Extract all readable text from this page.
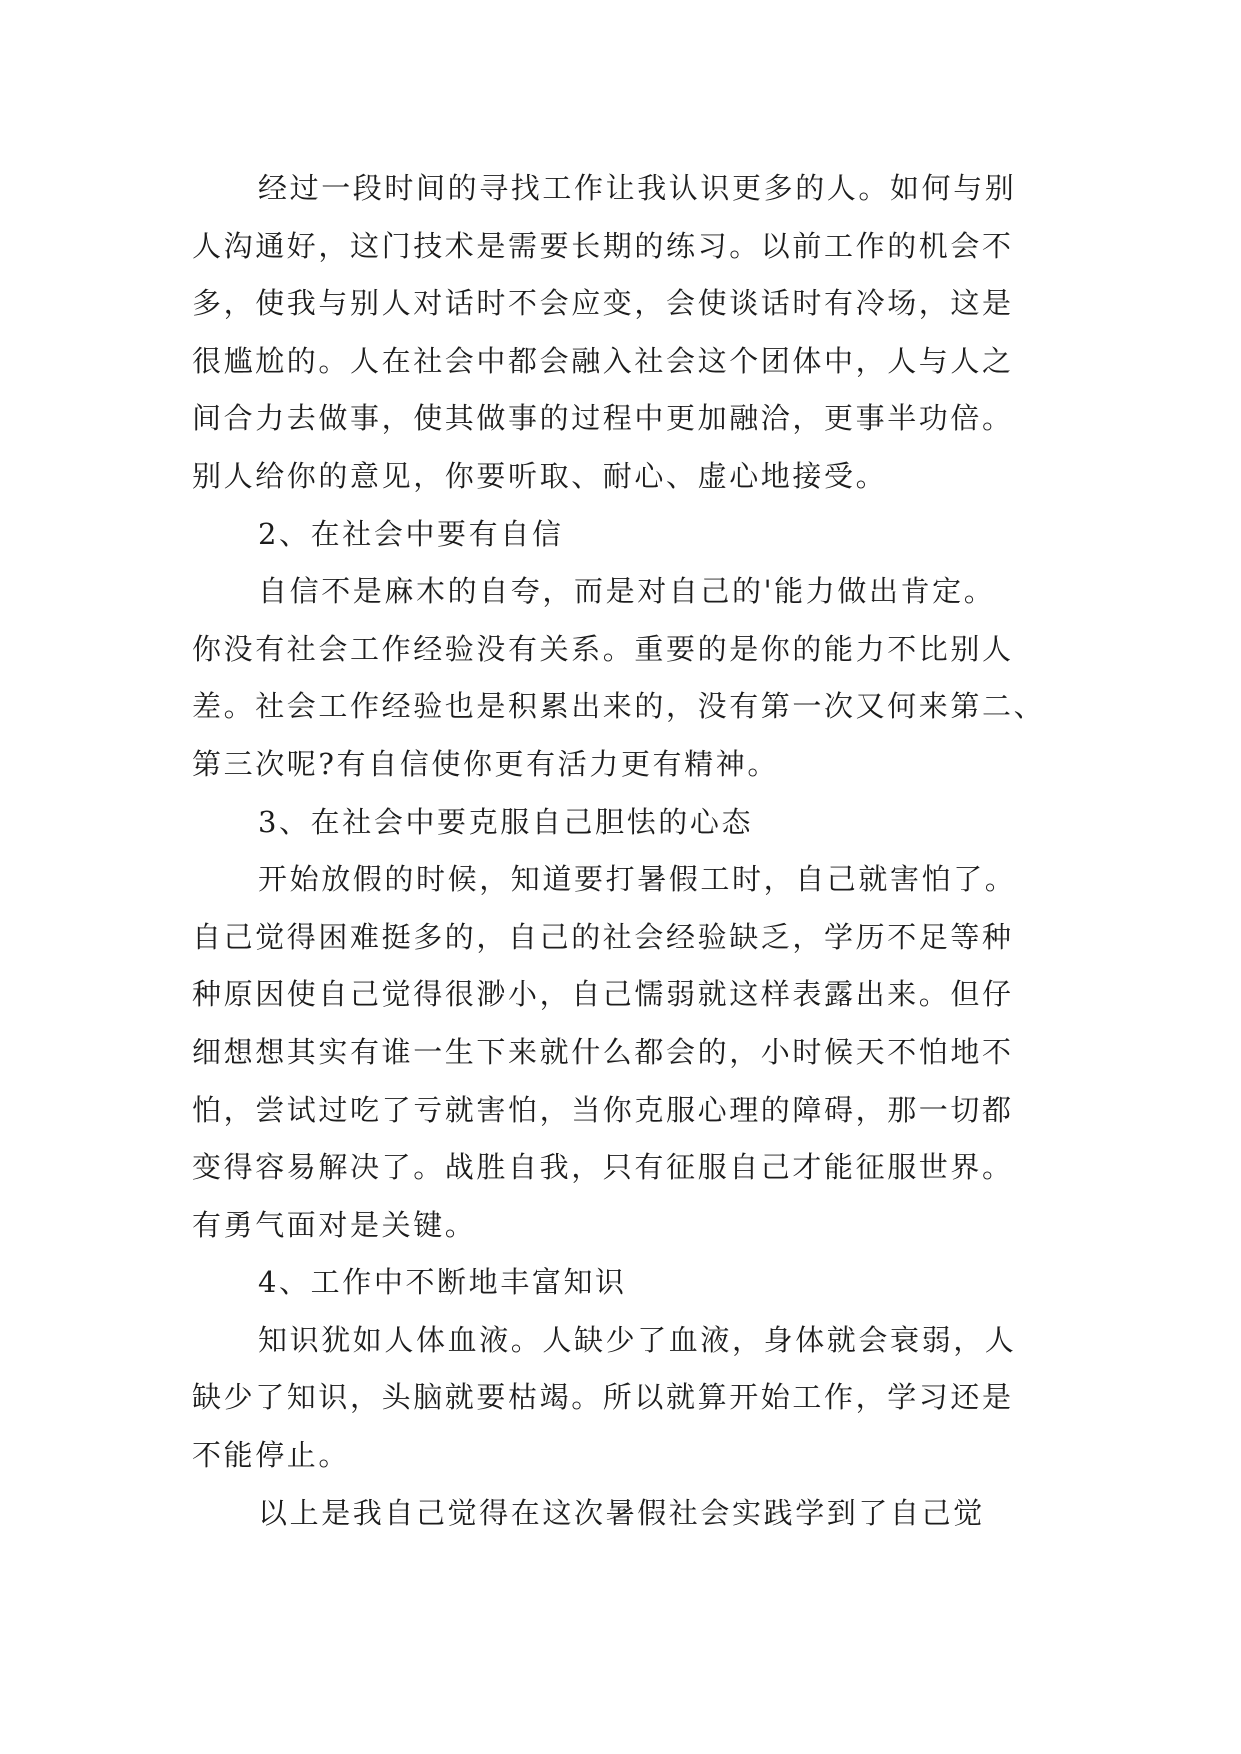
经过一段时间的寻找工作让我认识更多的人。如何与别
人沟通好，这门技术是需要长期的练习。以前工作的机会不
多，使我与别人对话时不会应变，会使谈话时有冷场，这是
很尴尬的。人在社会中都会融入社会这个团体中，人与人之
间合力去做事，使其做事的过程中更加融洽，更事半功倍。
别人给你的意见，你要听取、耐心、虚心地接受。
2、在社会中要有自信
自信不是麻木的自夸，而是对自己的'能力做出肯定。
你没有社会工作经验没有关系。重要的是你的能力不比别人
差。社会工作经验也是积累出来的，没有第一次又何来第二、
第三次呢?有自信使你更有活力更有精神。
3、在社会中要克服自己胆怯的心态
开始放假的时候，知道要打暑假工时，自己就害怕了。
自己觉得困难挺多的，自己的社会经验缺乏，学历不足等种
种原因使自己觉得很渺小，自己懦弱就这样表露出来。但仔
细想想其实有谁一生下来就什么都会的，小时候天不怕地不
怕，尝试过吃了亏就害怕，当你克服心理的障碍，那一切都
变得容易解决了。战胜自我，只有征服自己才能征服世界。
有勇气面对是关键。
4、工作中不断地丰富知识
知识犹如人体血液。人缺少了血液，身体就会衰弱，人
缺少了知识，头脑就要枯竭。所以就算开始工作，学习还是
不能停止。
以上是我自己觉得在这次暑假社会实践学到了自己觉
